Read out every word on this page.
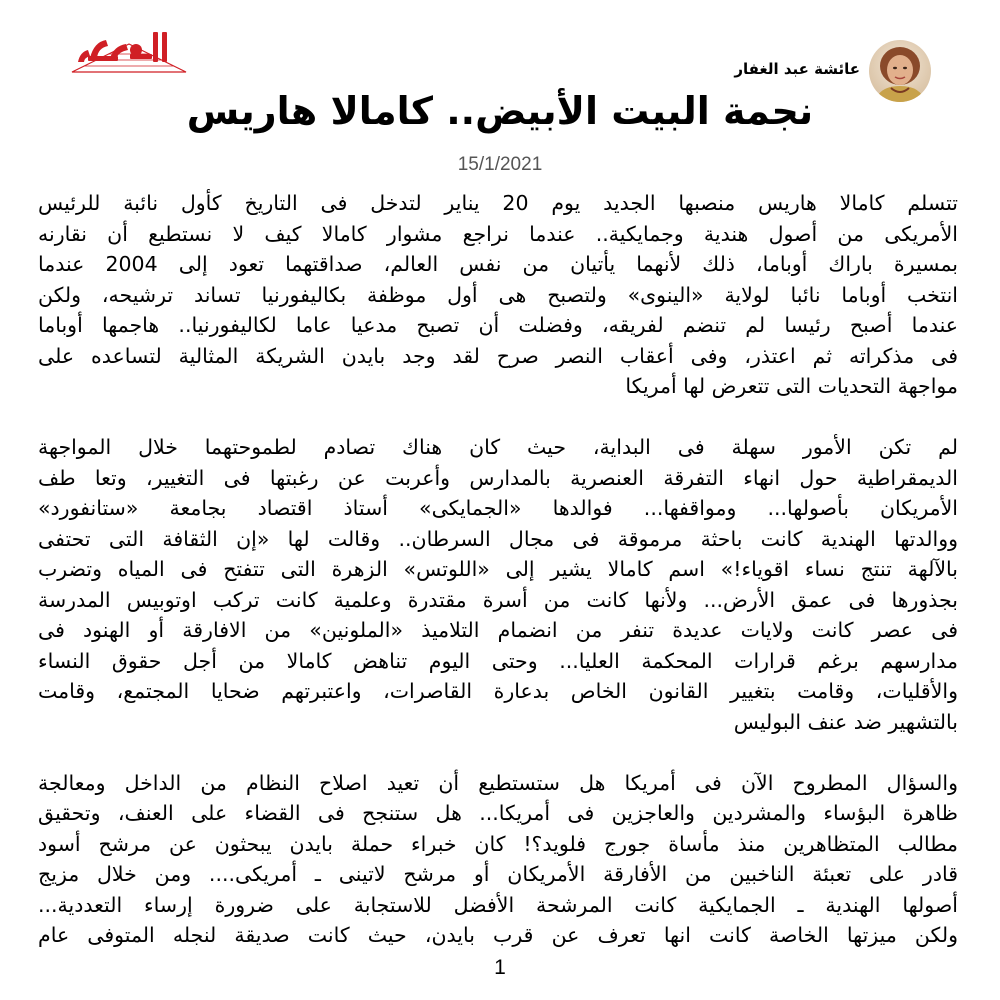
عائشة عبد الغفار
نجمة البيت الأبيض.. كامالا هاريس
15/1/2021
تتسلم كامالا هاريس منصبها الجديد يوم 20 يناير لتدخل فى التاريخ كأول نائبة للرئيس
الأمريكى من أصول هندية وجمايكية.. عندما نراجع مشوار كامالا كيف لا نستطيع أن نقارنه
بمسيرة باراك أوباما، ذلك لأنهما يأتيان من نفس العالم، صداقتهما تعود إلى 2004 عندما
انتخب أوباما نائبا لولاية «الينوى» ولتصبح هى أول موظفة بكاليفورنيا تساند ترشيحه، ولكن
عندما أصبح رئيسا لم تنضم لفريقه، وفضلت أن تصبح مدعيا عاما لكاليفورنيا.. هاجمها أوباما
فى مذكراته ثم اعتذر، وفى أعقاب النصر صرح لقد وجد بايدن الشريكة المثالية لتساعده على
مواجهة التحديات التى تتعرض لها أمريكا
لم تكن الأمور سهلة فى البداية، حيث كان هناك تصادم لطموحتهما خلال المواجهة
الديمقراطية حول انهاء التفرقة العنصرية بالمدارس وأعربت عن رغبتها فى التغيير، وتعا طف
الأمريكان بأصولها... ومواقفها... فوالدها «الجمايكى» أستاذ اقتصاد بجامعة «ستانفورد»
ووالدتها الهندية كانت باحثة مرموقة فى مجال السرطان.. وقالت لها «إن الثقافة التى تحتفى
بالآلهة تنتج نساء اقوياء!» اسم كامالا يشير إلى «اللوتس» الزهرة التى تتفتح فى المياه وتضرب
بجذورها فى عمق الأرض... ولأنها كانت من أسرة مقتدرة وعلمية كانت تركب اوتوبيس المدرسة
فى عصر كانت ولايات عديدة تنفر من انضمام التلاميذ «الملونين» من الافارقة أو الهنود فى
مدارسهم برغم قرارات المحكمة العليا... وحتى اليوم تناهض كامالا من أجل حقوق النساء
والأقليات، وقامت بتغيير القانون الخاص بدعارة القاصرات، واعتبرتهم ضحايا المجتمع، وقامت
بالتشهير ضد عنف البوليس
والسؤال المطروح الآن فى أمريكا هل ستستطيع أن تعيد اصلاح النظام من الداخل ومعالجة
ظاهرة البؤساء والمشردين والعاجزين فى أمريكا... هل ستنجح فى القضاء على العنف، وتحقيق
مطالب المتظاهرين منذ مأساة جورج فلويد؟! كان خبراء حملة بايدن يبحثون عن مرشح أسود
قادر على تعبئة الناخبين من الأفارقة الأمريكان أو مرشح لاتينى ـ أمريكى.... ومن خلال مزيج
أصولها الهندية ـ الجمايكية كانت المرشحة الأفضل للاستجابة على ضرورة إرساء التعددية...
ولكن ميزتها الخاصة كانت انها تعرف عن قرب بايدن، حيث كانت صديقة لنجله المتوفى عام
1
